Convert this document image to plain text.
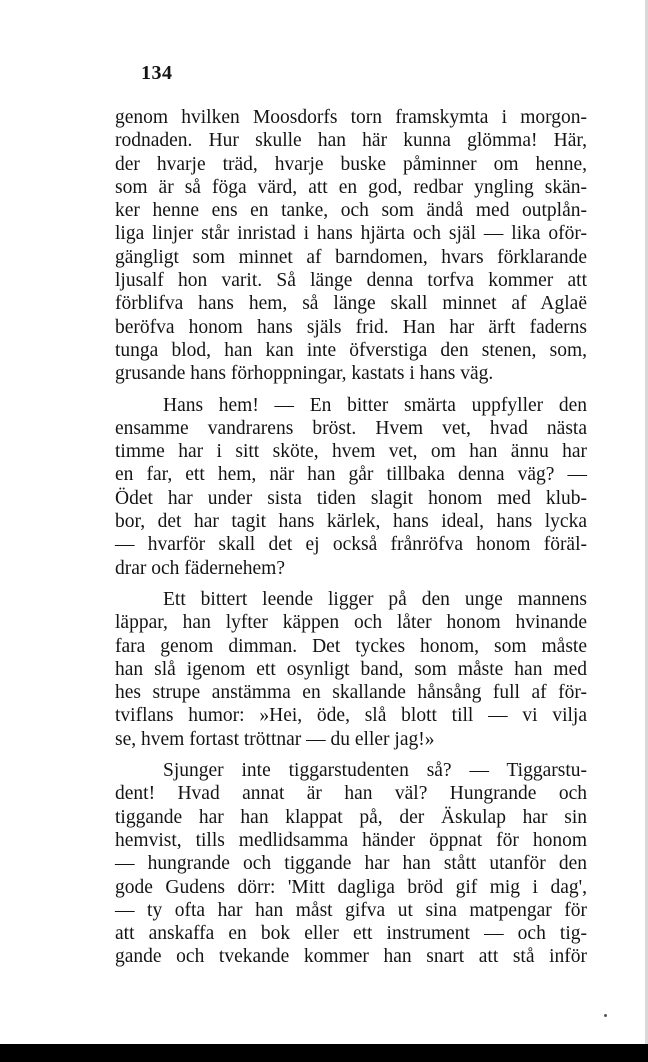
134
genom hvilken Moosdorfs torn framskymta i morgon-
rodnaden. Hur skulle han här kunna glömma! Här,
der hvarje träd, hvarje buske påminner om henne,
som är så föga värd, att en god, redbar yngling skän-
ker henne ens en tanke, och som ändå med outplån-
liga linjer står inristad i hans hjärta och själ — lika oför-
gängligt som minnet af barndomen, hvars förklarande
ljusalf hon varit. Så länge denna torfva kommer att
förblifva hans hem, så länge skall minnet af Aglaë
beröfva honom hans själs frid. Han har ärft faderns
tunga blod, han kan inte öfverstiga den stenen, som,
grusande hans förhoppningar, kastats i hans väg.
Hans hem! — En bitter smärta uppfyller den
ensamme vandrarens bröst. Hvem vet, hvad nästa
timme har i sitt sköte, hvem vet, om han ännu har
en far, ett hem, när han går tillbaka denna väg? —
Ödet har under sista tiden slagit honom med klub-
bor, det har tagit hans kärlek, hans ideal, hans lycka
— hvarför skall det ej också frånröfva honom föräl-
drar och fädernehem?
Ett bittert leende ligger på den unge mannens
läppar, han lyfter käppen och låter honom hvinande
fara genom dimman. Det tyckes honom, som måste
han slå igenom ett osynligt band, som måste han med
hes strupe anstämma en skallande hånsång full af för-
tviflans humor: »Hei, öde, slå blott till — vi vilja
se, hvem fortast tröttnar — du eller jag!»
Sjunger inte tiggarstudenten så? — Tiggarstu-
dent! Hvad annat är han väl? Hungrande och
tiggande har han klappat på, der Äskulap har sin
hemvist, tills medlidsamma händer öppnat för honom
— hungrande och tiggande har han stått utanför den
gode Gudens dörr: 'Mitt dagliga bröd gif mig i dag',
— ty ofta har han måst gifva ut sina matpengar för
att anskaffa en bok eller ett instrument — och tig-
gande och tvekande kommer han snart att stå inför
